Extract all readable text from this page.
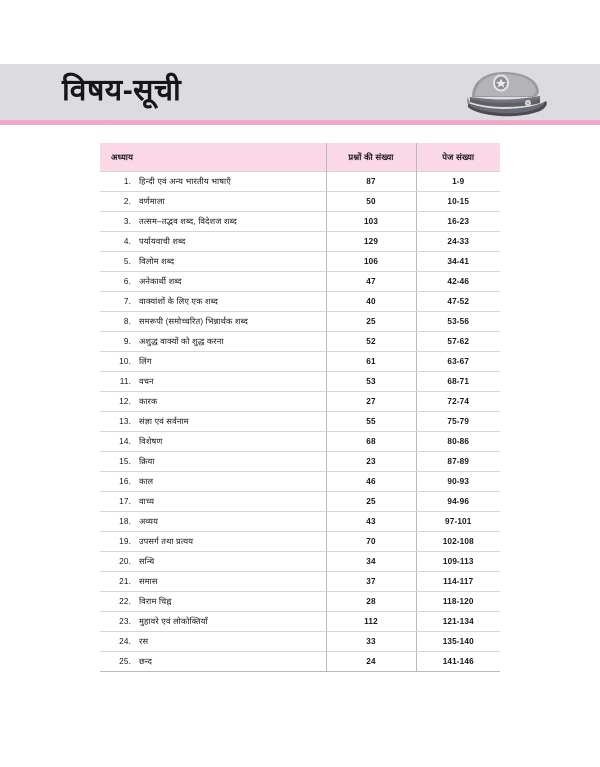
विषय-सूची
अध्याय	प्रश्नों की संख्या	पेज संख्या
1. हिन्दी एवं अन्य भारतीय भाषाएँ	87	1-9
2. वर्णमाला	50	10-15
3. तत्सम–तद्भव शब्द, विदेशज शब्द	103	16-23
4. पर्यायवाची शब्द	129	24-33
5. विलोम शब्द	106	34-41
6. अनेकार्थी शब्द	47	42-46
7. वाक्यांशों के लिए एक शब्द	40	47-52
8. समरूपी (समोच्चरित) भिन्नार्थक शब्द	25	53-56
9. अशुद्ध वाक्यों को शुद्ध करना	52	57-62
10. लिंग	61	63-67
11. वचन	53	68-71
12. कारक	27	72-74
13. संज्ञा एवं सर्वनाम	55	75-79
14. विशेषण	68	80-86
15. क्रिया	23	87-89
16. काल	46	90-93
17. वाच्य	25	94-96
18. अव्यय	43	97-101
19. उपसर्ग तथा प्रत्यय	70	102-108
20. सन्धि	34	109-113
21. समास	37	114-117
22. विराम चिह्न	28	118-120
23. मुहावरे एवं लोकोक्तियाँ	112	121-134
24. रस	33	135-140
25. छन्द	24	141-146
